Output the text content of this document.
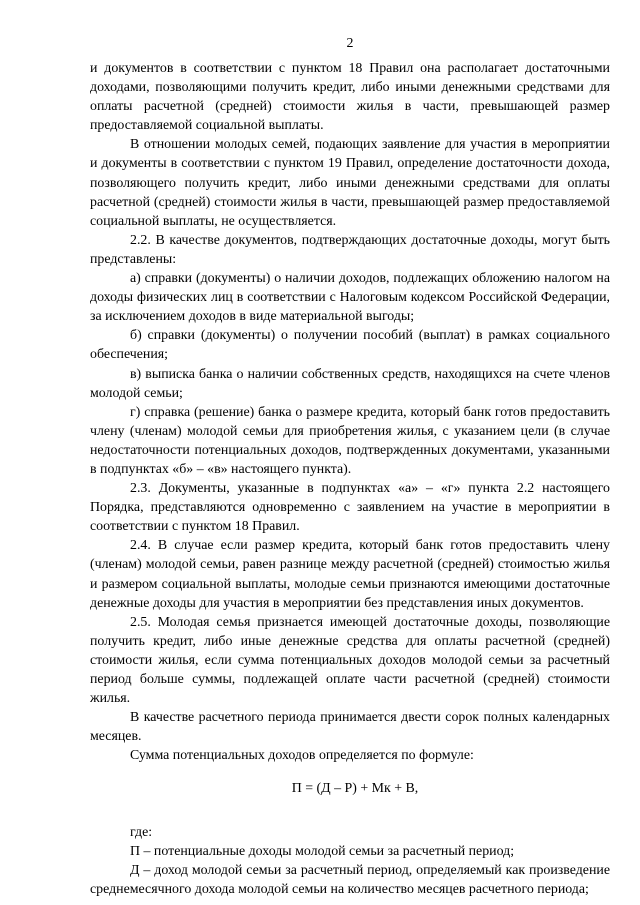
2

и документов в соответствии с пунктом 18 Правил она располагает достаточными доходами, позволяющими получить кредит, либо иными денежными средствами для оплаты расчетной (средней) стоимости жилья в части, превышающей размер предоставляемой социальной выплаты.

В отношении молодых семей, подающих заявление для участия в мероприятии и документы в соответствии с пунктом 19 Правил, определение достаточности дохода, позволяющего получить кредит, либо иными денежными средствами для оплаты расчетной (средней) стоимости жилья в части, превышающей размер предоставляемой социальной выплаты, не осуществляется.

2.2. В качестве документов, подтверждающих достаточные доходы, могут быть представлены:

а) справки (документы) о наличии доходов, подлежащих обложению налогом на доходы физических лиц в соответствии с Налоговым кодексом Российской Федерации, за исключением доходов в виде материальной выгоды;

б) справки (документы) о получении пособий (выплат) в рамках социального обеспечения;

в) выписка банка о наличии собственных средств, находящихся на счете членов молодой семьи;

г) справка (решение) банка о размере кредита, который банк готов предоставить члену (членам) молодой семьи для приобретения жилья, с указанием цели (в случае недостаточности потенциальных доходов, подтвержденных документами, указанными в подпунктах «б» – «в» настоящего пункта).

2.3. Документы, указанные в подпунктах «а» – «г» пункта 2.2 настоящего Порядка, представляются одновременно с заявлением на участие в мероприятии в соответствии с пунктом 18 Правил.

2.4. В случае если размер кредита, который банк готов предоставить члену (членам) молодой семьи, равен разнице между расчетной (средней) стоимостью жилья и размером социальной выплаты, молодые семьи признаются имеющими достаточные денежные доходы для участия в мероприятии без представления иных документов.

2.5. Молодая семья признается имеющей достаточные доходы, позволяющие получить кредит, либо иные денежные средства для оплаты расчетной (средней) стоимости жилья, если сумма потенциальных доходов молодой семьи за расчетный период больше суммы, подлежащей оплате части расчетной (средней) стоимости жилья.

В качестве расчетного периода принимается двести сорок полных календарных месяцев.

Сумма потенциальных доходов определяется по формуле:

П = (Д – Р) + Мк + В,

где:

П – потенциальные доходы молодой семьи за расчетный период;

Д – доход молодой семьи за расчетный период, определяемый как произведение среднемесячного дохода молодой семьи на количество месяцев расчетного периода;
